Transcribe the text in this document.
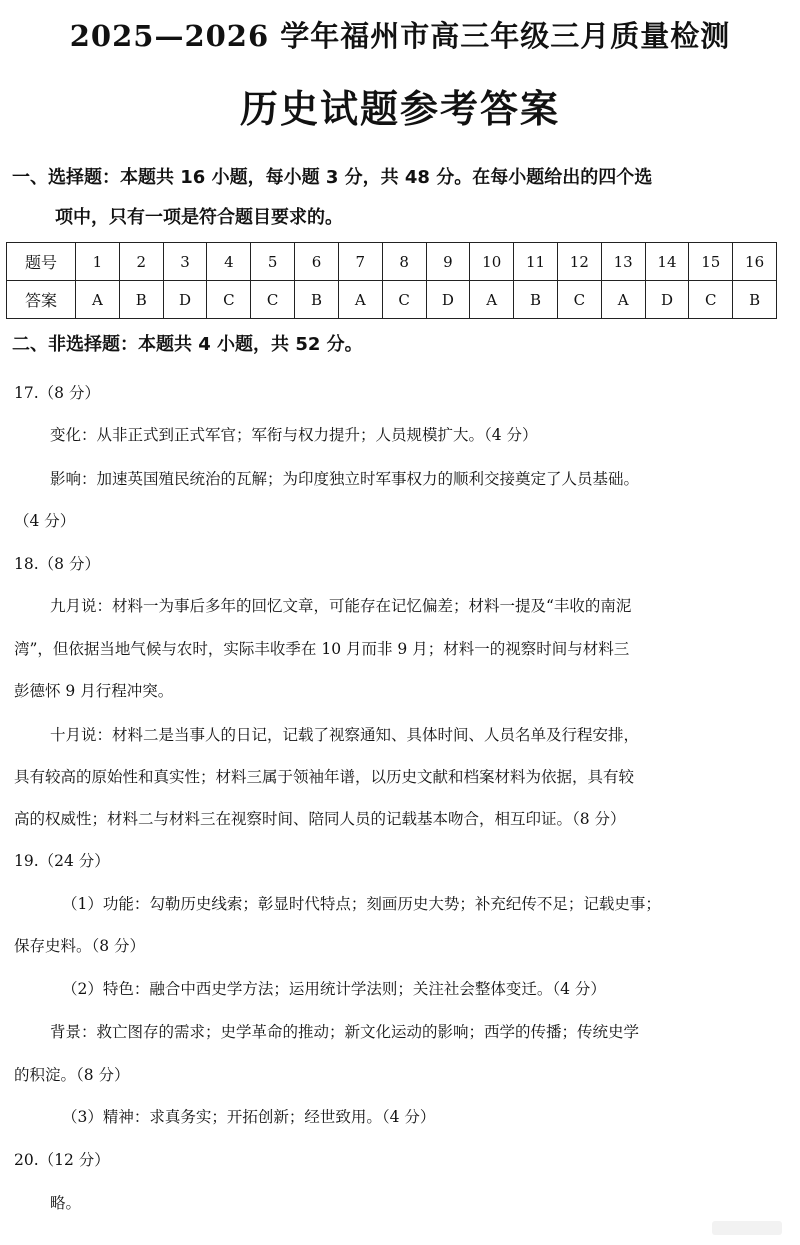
2025—2026 学年福州市高三年级三月质量检测
历史试题参考答案
一、选择题：本题共 16 小题，每小题 3 分，共 48 分。在每小题给出的四个选
项中，只有一项是符合题目要求的。
题号	1	2	3	4	5	6	7	8	9	10	11	12	13	14	15	16
答案	A	B	D	C	C	B	A	C	D	A	B	C	A	D	C	B
二、非选择题：本题共 4 小题，共 52 分。
17.（8 分）
变化：从非正式到正式军官；军衔与权力提升；人员规模扩大。（4 分）
影响：加速英国殖民统治的瓦解；为印度独立时军事权力的顺利交接奠定了人员基础。
（4 分）
18.（8 分）
九月说：材料一为事后多年的回忆文章，可能存在记忆偏差；材料一提及“丰收的南泥
湾”，但依据当地气候与农时，实际丰收季在 10 月而非 9 月；材料一的视察时间与材料三
彭德怀 9 月行程冲突。
十月说：材料二是当事人的日记，记载了视察通知、具体时间、人员名单及行程安排，
具有较高的原始性和真实性；材料三属于领袖年谱，以历史文献和档案材料为依据，具有较
高的权威性；材料二与材料三在视察时间、陪同人员的记载基本吻合，相互印证。（8 分）
19.（24 分）
（1）功能：勾勒历史线索；彰显时代特点；刻画历史大势；补充纪传不足；记载史事；
保存史料。（8 分）
（2）特色：融合中西史学方法；运用统计学法则；关注社会整体变迁。（4 分）
背景：救亡图存的需求；史学革命的推动；新文化运动的影响；西学的传播；传统史学
的积淀。（8 分）
（3）精神：求真务实；开拓创新；经世致用。（4 分）
20.（12 分）
略。
